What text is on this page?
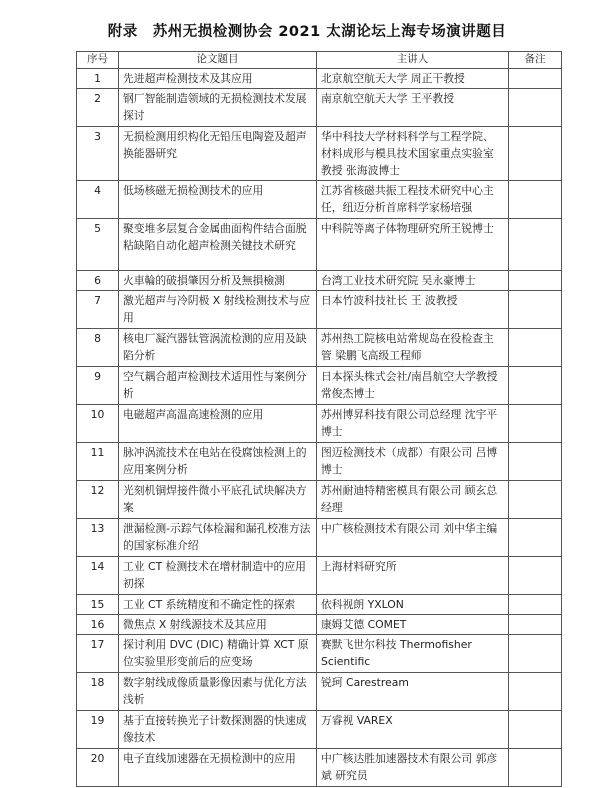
附录　苏州无损检测协会 2021 太湖论坛上海专场演讲题目
序号	论文题目	主讲人	备注
1	先进超声检测技术及其应用	北京航空航天大学 周正干教授	
2	钢厂智能制造领域的无损检测技术发展探讨	南京航空航天大学 王平教授	
3	无损检测用织构化无铅压电陶瓷及超声换能器研究	华中科技大学材料科学与工程学院、材料成形与模具技术国家重点实验室教授 张海波博士	
4	低场核磁无损检测技术的应用	江苏省核磁共振工程技术研究中心主任，纽迈分析首席科学家杨培强	
5	聚变堆多层复合金属曲面构件结合面脱粘缺陷自动化超声检测关键技术研究	中科院等离子体物理研究所王锐博士	
6	火車輪的破損肇因分析及無損檢測	台湾工业技术研究院 吴永豪博士	
7	激光超声与冷阴极 X 射线检测技术与应用	日本竹波科技社长 王 波教授	
8	核电厂凝汽器钛管涡流检测的应用及缺陷分析	苏州热工院核电站常规岛在役检查主管 梁鹏飞高级工程师	
9	空气耦合超声检测技术适用性与案例分析	日本探头株式会社/南昌航空大学教授 常俊杰博士	
10	电磁超声高温高速检测的应用	苏州博昇科技有限公司总经理 沈宇平博士	
11	脉冲涡流技术在电站在役腐蚀检测上的应用案例分析	图迈检测技术（成都）有限公司 吕博 博士	
12	光刻机铜焊接件微小平底孔试块解决方案	苏州耐迪特精密模具有限公司 顾玄总经理	
13	泄漏检测-示踪气体检漏和漏孔校准方法的国家标准介绍	中广核检测技术有限公司 刘中华主编	
14	工业 CT 检测技术在增材制造中的应用初探	上海材料研究所	
15	工业 CT 系统精度和不确定性的探索	依科视朗 YXLON	
16	微焦点 X 射线源技术及其应用	康姆艾德 COMET	
17	探讨利用 DVC (DIC) 精确计算 XCT 原位实验里形变前后的应变场	赛默飞世尔科技 Thermofisher Scientific	
18	数字射线成像质量影像因素与优化方法浅析	锐珂 Carestream	
19	基于直接转换光子计数探测器的快速成像技术	万睿视 VAREX	
20	电子直线加速器在无损检测中的应用	中广核达胜加速器技术有限公司 郭彦斌 研究员	
